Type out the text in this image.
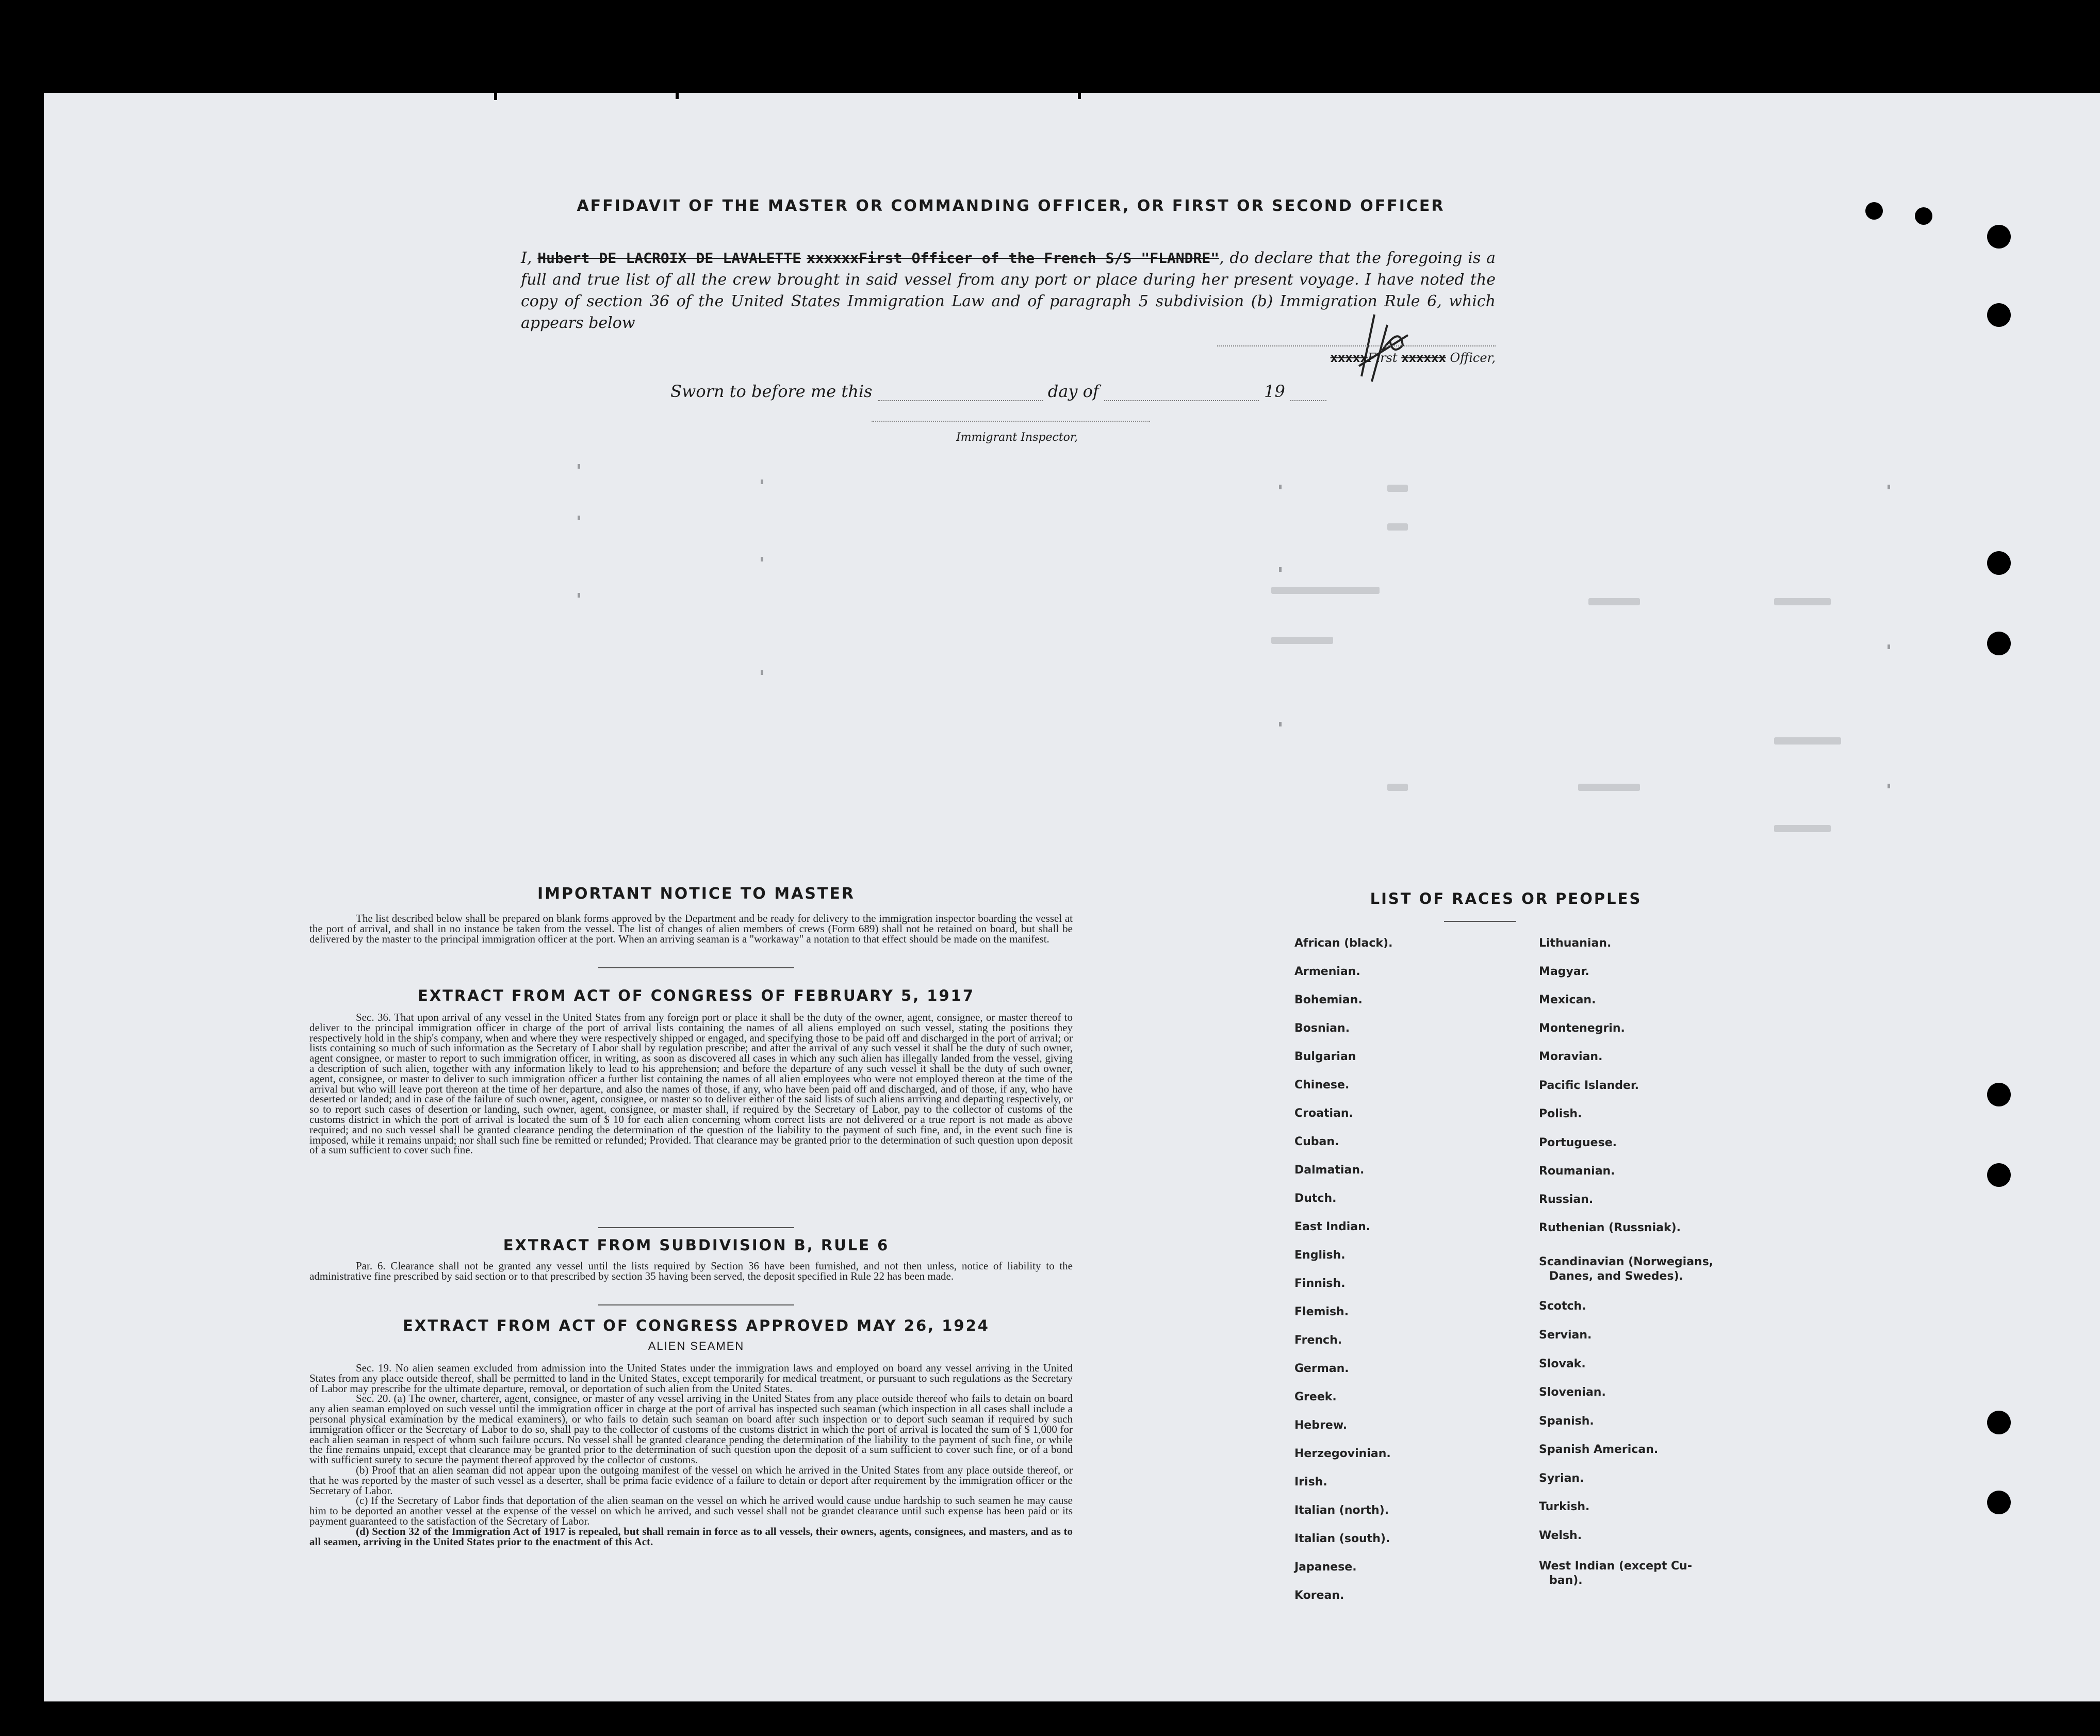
AFFIDAVIT OF THE MASTER OR COMMANDING OFFICER, OR FIRST OR SECOND OFFICER
I, Hubert DE LACROIX DE LAVALETTE xxxxxxFirst Officer of the French S/S "FLANDRE", do declare that the foregoing is a full and true list of all the crew brought in said vessel from any port or place during her present voyage. I have noted the copy of section 36 of the United States Immigration Law and of paragraph 5 subdivision (b) Immigration Rule 6, which appears below
xxxxxFirst xxxxxx Officer,
Sworn to before me this	day of	19
Immigrant Inspector,
IMPORTANT NOTICE TO MASTER
The list described below shall be prepared on blank forms approved by the Department and be ready for delivery to the immigration inspector boarding the vessel at the port of arrival, and shall in no instance be taken from the vessel. The list of changes of alien members of crews (Form 689) shall not be retained on board, but shall be delivered by the master to the principal immigration officer at the port. When an arriving seaman is a "workaway" a notation to that effect should be made on the manifest.
EXTRACT FROM ACT OF CONGRESS OF FEBRUARY 5, 1917
Sec. 36. That upon arrival of any vessel in the United States from any foreign port or place it shall be the duty of the owner, agent, consignee, or master thereof to deliver to the principal immigration officer in charge of the port of arrival lists containing the names of all aliens employed on such vessel, stating the positions they respectively hold in the ship's company, when and where they were respectively shipped or engaged, and specifying those to be paid off and discharged in the port of arrival; or lists containing so much of such information as the Secretary of Labor shall by regulation prescribe; and after the arrival of any such vessel it shall be the duty of such owner, agent consignee, or master to report to such immigration officer, in writing, as soon as discovered all cases in which any such alien has illegally landed from the vessel, giving a description of such alien, together with any information likely to lead to his apprehension; and before the departure of any such vessel it shall be the duty of such owner, agent, consignee, or master to deliver to such immigration officer a further list containing the names of all alien employees who were not employed thereon at the time of the arrival but who will leave port thereon at the time of her departure, and also the names of those, if any, who have been paid off and discharged, and of those, if any, who have deserted or landed; and in case of the failure of such owner, agent, consignee, or master so to deliver either of the said lists of such aliens arriving and departing respectively, or so to report such cases of desertion or landing, such owner, agent, consignee, or master shall, if required by the Secretary of Labor, pay to the collector of customs of the customs district in which the port of arrival is located the sum of $ 10 for each alien concerning whom correct lists are not delivered or a true report is not made as above required; and no such vessel shall be granted clearance pending the determination of the question of the liability to the payment of such fine, and, in the event such fine is imposed, while it remains unpaid; nor shall such fine be remitted or refunded; Provided. That clearance may be granted prior to the determination of such question upon deposit of a sum sufficient to cover such fine.
EXTRACT FROM SUBDIVISION B, RULE 6
Par. 6. Clearance shall not be granted any vessel until the lists required by Section 36 have been furnished, and not then unless, notice of liability to the administrative fine prescribed by said section or to that prescribed by section 35 having been served, the deposit specified in Rule 22 has been made.
EXTRACT FROM ACT OF CONGRESS APPROVED MAY 26, 1924
ALIEN SEAMEN
Sec. 19. No alien seamen excluded from admission into the United States under the immigration laws and employed on board any vessel arriving in the United States from any place outside thereof, shall be permitted to land in the United States, except temporarily for medical treatment, or pursuant to such regulations as the Secretary of Labor may prescribe for the ultimate departure, removal, or deportation of such alien from the United States.
Sec. 20. (a) The owner, charterer, agent, consignee, or master of any vessel arriving in the United States from any place outside thereof who fails to detain on board any alien seaman employed on such vessel until the immigration officer in charge at the port of arrival has inspected such seaman (which inspection in all cases shall include a personal physical examination by the medical examiners), or who fails to detain such seaman on board after such inspection or to deport such seaman if required by such immigration officer or the Secretary of Labor to do so, shall pay to the collector of customs of the customs district in which the port of arrival is located the sum of $ 1,000 for each alien seaman in respect of whom such failure occurs. No vessel shall be granted clearance pending the determination of the liability to the payment of such fine, or while the fine remains unpaid, except that clearance may be granted prior to the determination of such question upon the deposit of a sum sufficient to cover such fine, or of a bond with sufficient surety to secure the payment thereof approved by the collector of customs.
(b) Proof that an alien seaman did not appear upon the outgoing manifest of the vessel on which he arrived in the United States from any place outside thereof, or that he was reported by the master of such vessel as a deserter, shall be prima facie evidence of a failure to detain or deport after requirement by the immigration officer or the Secretary of Labor.
(c) If the Secretary of Labor finds that deportation of the alien seaman on the vessel on which he arrived would cause undue hardship to such seamen he may cause him to be deported an another vessel at the expense of the vessel on which he arrived, and such vessel shall not be grandet clearance until such expense has been paid or its payment guaranteed to the satisfaction of the Secretary of Labor.
(d) Section 32 of the Immigration Act of 1917 is repealed, but shall remain in force as to all vessels, their owners, agents, consignees, and masters, and as to all seamen, arriving in the United States prior to the enactment of this Act.
LIST OF RACES OR PEOPLES
African (black).
Armenian.
Bohemian.
Bosnian.
Bulgarian
Chinese.
Croatian.
Cuban.
Dalmatian.
Dutch.
East Indian.
English.
Finnish.
Flemish.
French.
German.
Greek.
Hebrew.
Herzegovinian.
Irish.
Italian (north).
Italian (south).
Japanese.
Korean.
Lithuanian.
Magyar.
Mexican.
Montenegrin.
Moravian.
Pacific Islander.
Polish.
Portuguese.
Roumanian.
Russian.
Ruthenian (Russniak).
Scandinavian (Norwegians,
Danes, and Swedes).
Scotch.
Servian.
Slovak.
Slovenian.
Spanish.
Spanish American.
Syrian.
Turkish.
Welsh.
West Indian (except Cu-
ban).
